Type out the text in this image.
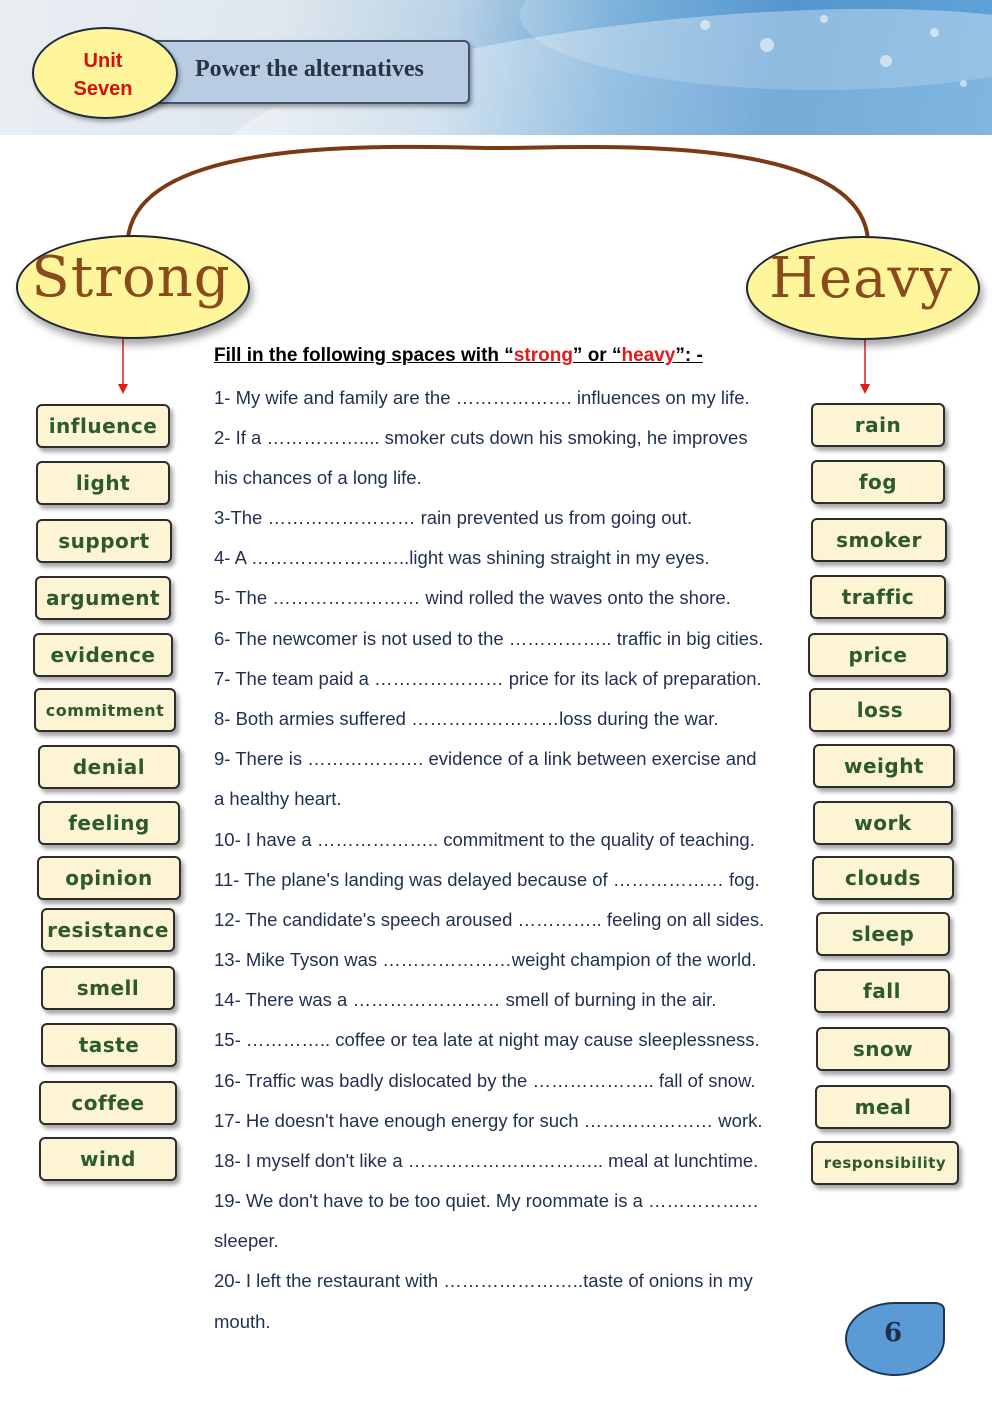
Power the alternatives
Unit
Seven
Strong	Heavy
influence
light
support
argument
evidence
commitment
denial
feeling
opinion
resistance
smell
taste
coffee
wind
rain
fog
smoker
traffic
price
loss
weight
work
clouds
sleep
fall
snow
meal
responsibility
Fill in the following spaces with “strong” or “heavy”: -
1- My wife and family are the ………………. influences on my life.
2- If a …………….... smoker cuts down his smoking, he improves
his chances of a long life.
3-The …………………… rain prevented us from going out.
4- A ……………………..light was shining straight in my eyes.
5- The …………………… wind rolled the waves onto the shore.
6- The newcomer is not used to the …………….. traffic in big cities.
7- The team paid a ………………… price for its lack of preparation.
8- Both armies suffered ……………………loss during the war.
9- There is ………………. evidence of a link between exercise and
a healthy heart.
10- I have a ……………….. commitment to the quality of teaching.
11- The plane's landing was delayed because of ……………… fog.
12- The candidate's speech aroused ………….. feeling on all sides.
13- Mike Tyson was …………………weight champion of the world.
14- There was a …………………… smell of burning in the air.
15- ………….. coffee or tea late at night may cause sleeplessness.
16- Traffic was badly dislocated by the ……………….. fall of snow.
17- He doesn't have enough energy for such ………………… work.
18- I myself don't like a ………………………….. meal at lunchtime.
19- We don't have to be too quiet. My roommate is a ………………
sleeper.
20- I left the restaurant with …………………..taste of onions in my
mouth.	6
